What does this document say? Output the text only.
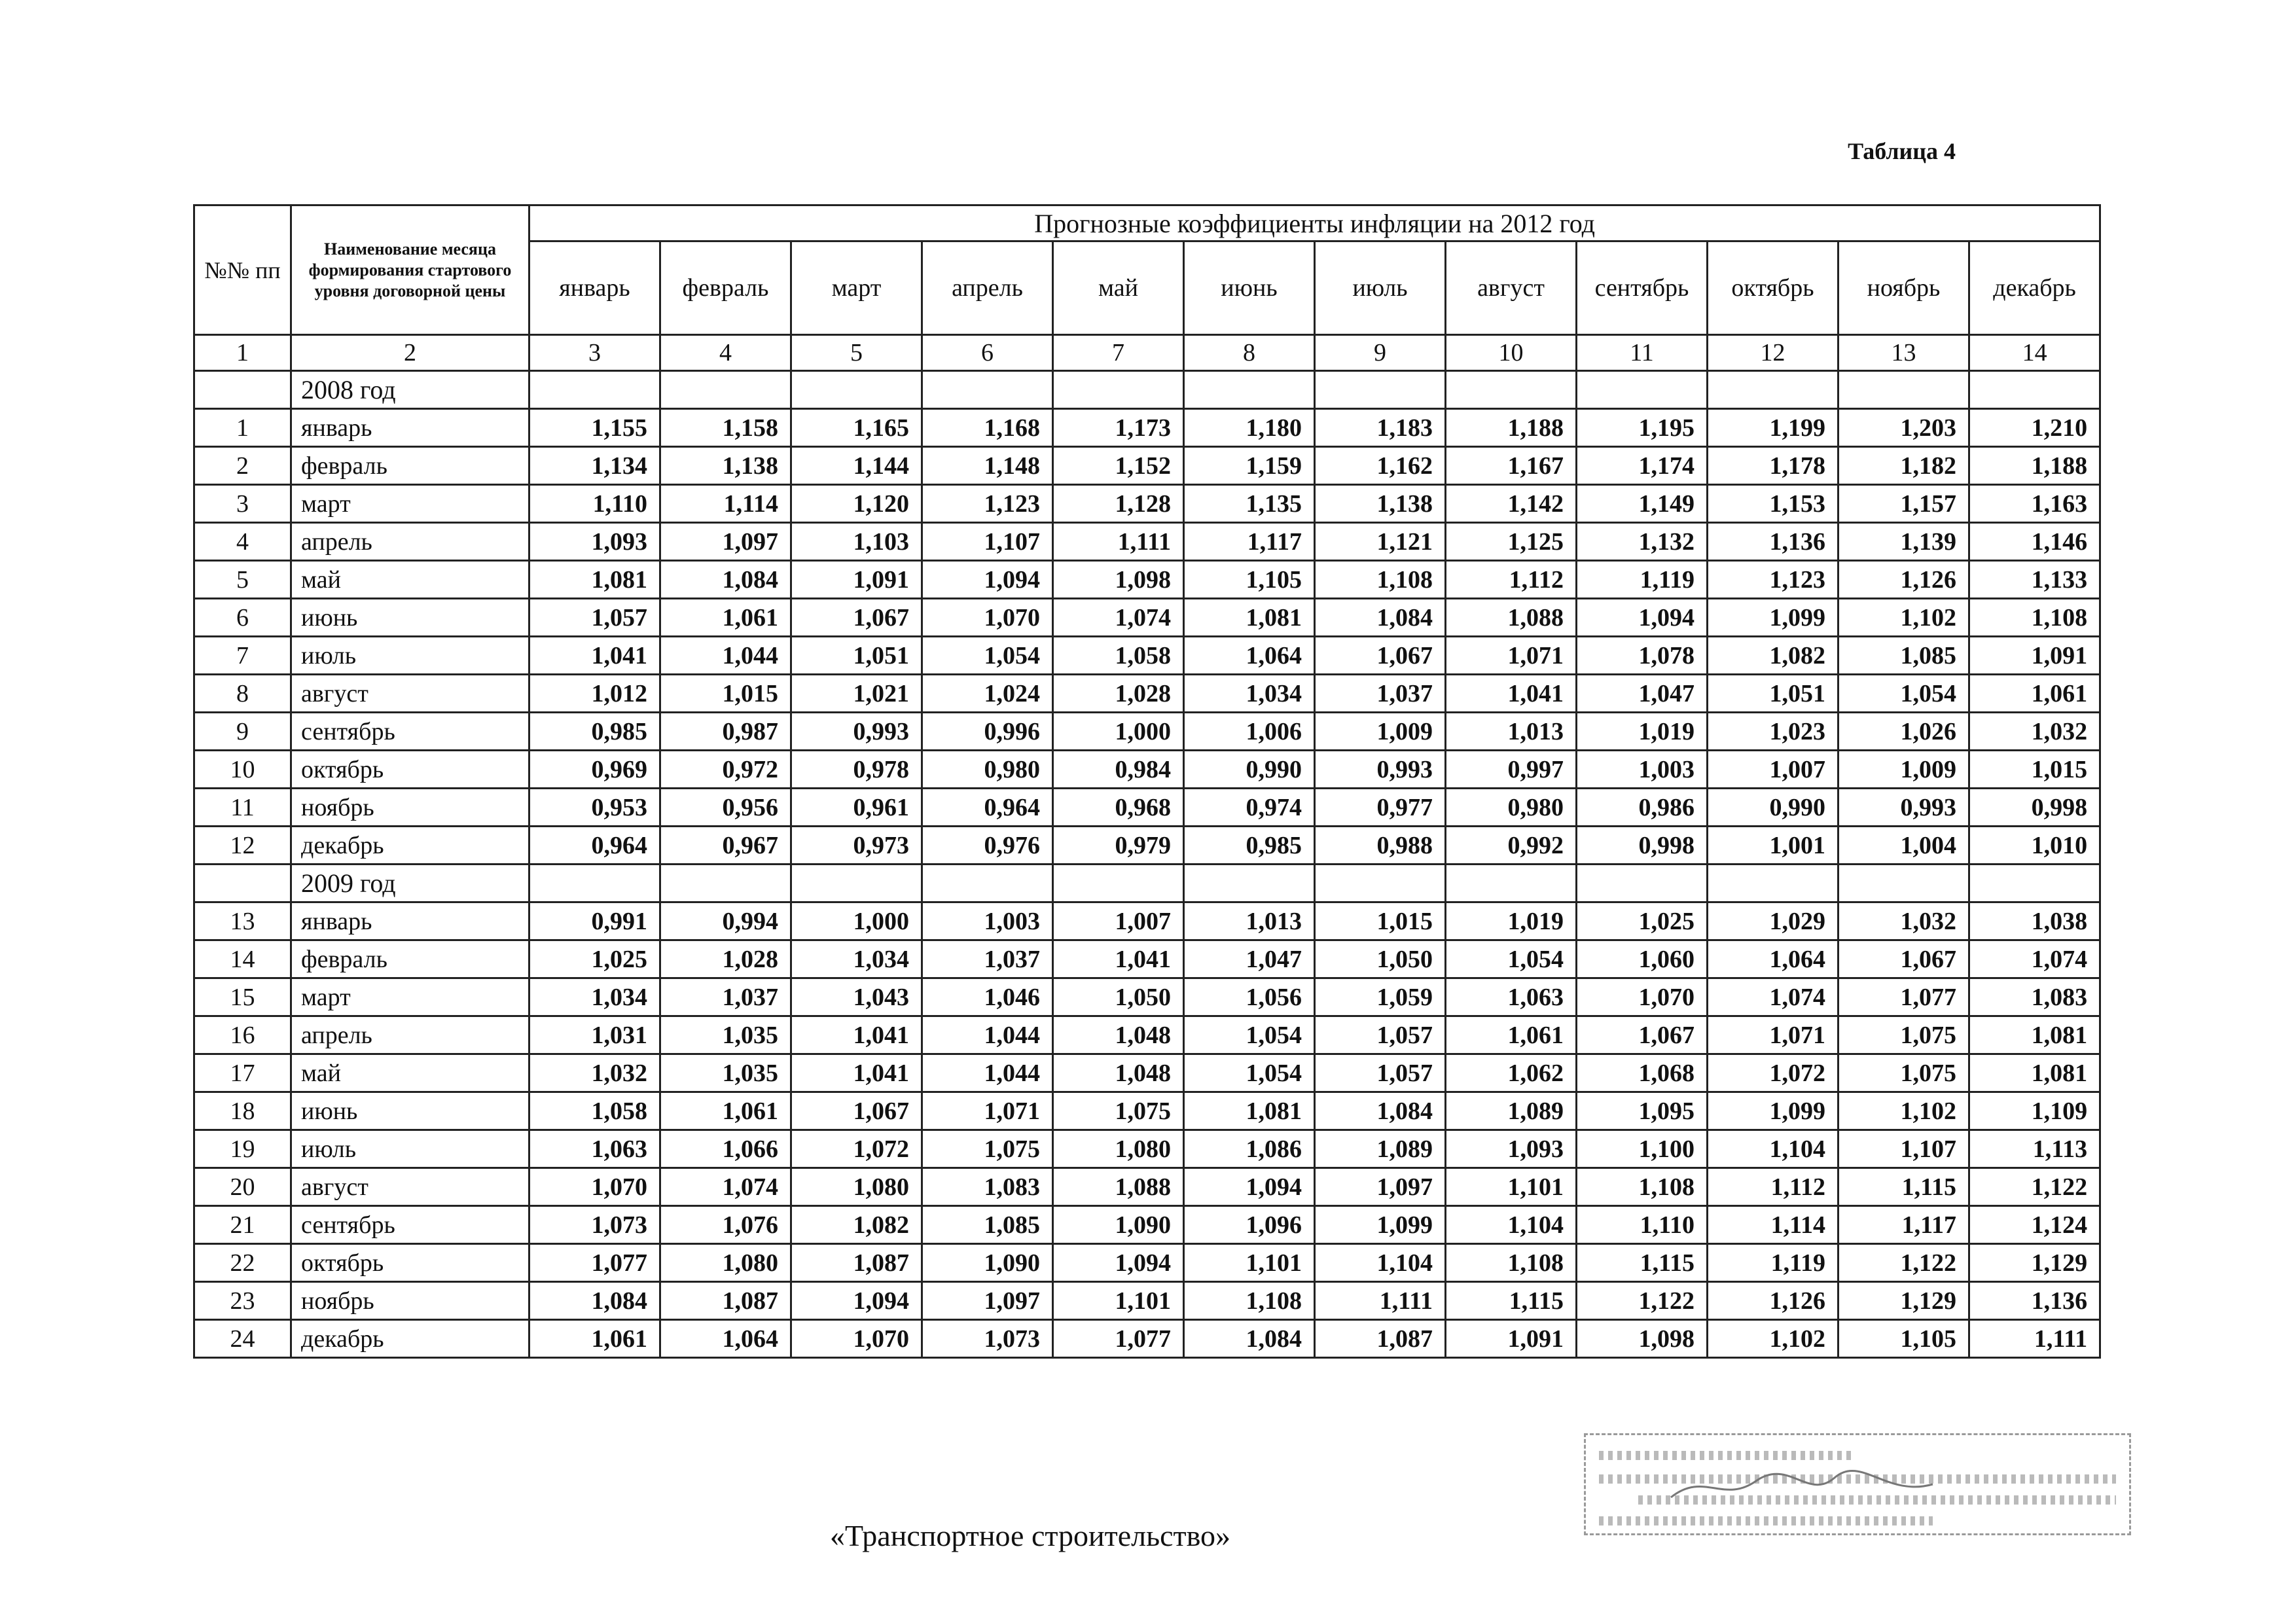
Таблица 4
№№ пп	Наименование месяца формирования стартового уровня договорной цены	Прогнозные коэффициенты инфляции на 2012 год											
		январь	февраль	март	апрель	май	июнь	июль	август	сентябрь	октябрь	ноябрь	декабрь
1	2	3	4	5	6	7	8	9	10	11	12	13	14
	2008 год												
1	январь	1,155	1,158	1,165	1,168	1,173	1,180	1,183	1,188	1,195	1,199	1,203	1,210
2	февраль	1,134	1,138	1,144	1,148	1,152	1,159	1,162	1,167	1,174	1,178	1,182	1,188
3	март	1,110	1,114	1,120	1,123	1,128	1,135	1,138	1,142	1,149	1,153	1,157	1,163
4	апрель	1,093	1,097	1,103	1,107	1,111	1,117	1,121	1,125	1,132	1,136	1,139	1,146
5	май	1,081	1,084	1,091	1,094	1,098	1,105	1,108	1,112	1,119	1,123	1,126	1,133
6	июнь	1,057	1,061	1,067	1,070	1,074	1,081	1,084	1,088	1,094	1,099	1,102	1,108
7	июль	1,041	1,044	1,051	1,054	1,058	1,064	1,067	1,071	1,078	1,082	1,085	1,091
8	август	1,012	1,015	1,021	1,024	1,028	1,034	1,037	1,041	1,047	1,051	1,054	1,061
9	сентябрь	0,985	0,987	0,993	0,996	1,000	1,006	1,009	1,013	1,019	1,023	1,026	1,032
10	октябрь	0,969	0,972	0,978	0,980	0,984	0,990	0,993	0,997	1,003	1,007	1,009	1,015
11	ноябрь	0,953	0,956	0,961	0,964	0,968	0,974	0,977	0,980	0,986	0,990	0,993	0,998
12	декабрь	0,964	0,967	0,973	0,976	0,979	0,985	0,988	0,992	0,998	1,001	1,004	1,010
	2009 год												
13	январь	0,991	0,994	1,000	1,003	1,007	1,013	1,015	1,019	1,025	1,029	1,032	1,038
14	февраль	1,025	1,028	1,034	1,037	1,041	1,047	1,050	1,054	1,060	1,064	1,067	1,074
15	март	1,034	1,037	1,043	1,046	1,050	1,056	1,059	1,063	1,070	1,074	1,077	1,083
16	апрель	1,031	1,035	1,041	1,044	1,048	1,054	1,057	1,061	1,067	1,071	1,075	1,081
17	май	1,032	1,035	1,041	1,044	1,048	1,054	1,057	1,062	1,068	1,072	1,075	1,081
18	июнь	1,058	1,061	1,067	1,071	1,075	1,081	1,084	1,089	1,095	1,099	1,102	1,109
19	июль	1,063	1,066	1,072	1,075	1,080	1,086	1,089	1,093	1,100	1,104	1,107	1,113
20	август	1,070	1,074	1,080	1,083	1,088	1,094	1,097	1,101	1,108	1,112	1,115	1,122
21	сентябрь	1,073	1,076	1,082	1,085	1,090	1,096	1,099	1,104	1,110	1,114	1,117	1,124
22	октябрь	1,077	1,080	1,087	1,090	1,094	1,101	1,104	1,108	1,115	1,119	1,122	1,129
23	ноябрь	1,084	1,087	1,094	1,097	1,101	1,108	1,111	1,115	1,122	1,126	1,129	1,136
24	декабрь	1,061	1,064	1,070	1,073	1,077	1,084	1,087	1,091	1,098	1,102	1,105	1,111
«Транспортное строительство»
